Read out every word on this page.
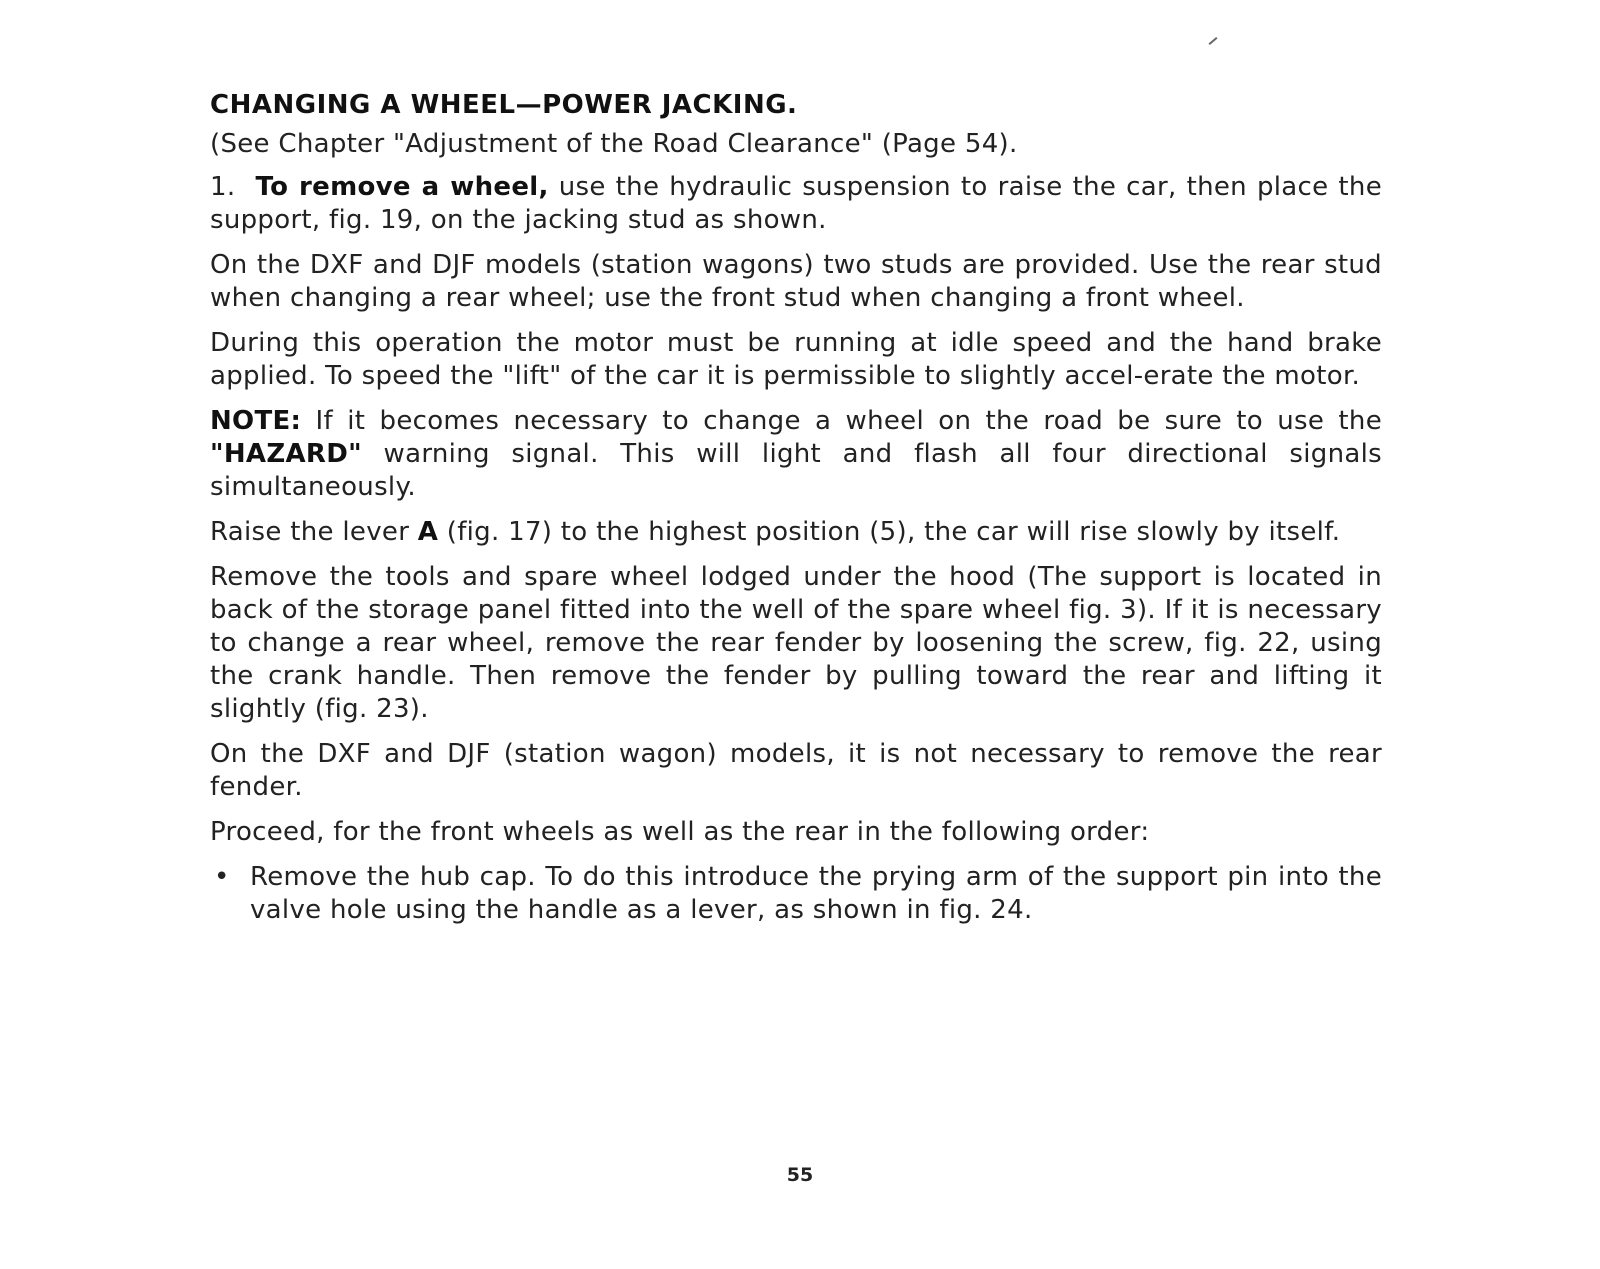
CHANGING A WHEEL—POWER JACKING.

(See Chapter "Adjustment of the Road Clearance" (Page 54).

1. To remove a wheel, use the hydraulic suspension to raise the car, then place the support, fig. 19, on the jacking stud as shown.

On the DXF and DJF models (station wagons) two studs are provided. Use the rear stud when changing a rear wheel; use the front stud when changing a front wheel.

During this operation the motor must be running at idle speed and the hand brake applied. To speed the "lift" of the car it is permissible to slightly accel-erate the motor.

NOTE: If it becomes necessary to change a wheel on the road be sure to use the "HAZARD" warning signal. This will light and flash all four directional signals simultaneously.

Raise the lever A (fig. 17) to the highest position (5), the car will rise slowly by itself.

Remove the tools and spare wheel lodged under the hood (The support is located in back of the storage panel fitted into the well of the spare wheel fig. 3). If it is necessary to change a rear wheel, remove the rear fender by loosening the screw, fig. 22, using the crank handle. Then remove the fender by pulling toward the rear and lifting it slightly (fig. 23).

On the DXF and DJF (station wagon) models, it is not necessary to remove the rear fender.

Proceed, for the front wheels as well as the rear in the following order:

• Remove the hub cap. To do this introduce the prying arm of the support pin into the valve hole using the handle as a lever, as shown in fig. 24.
55
